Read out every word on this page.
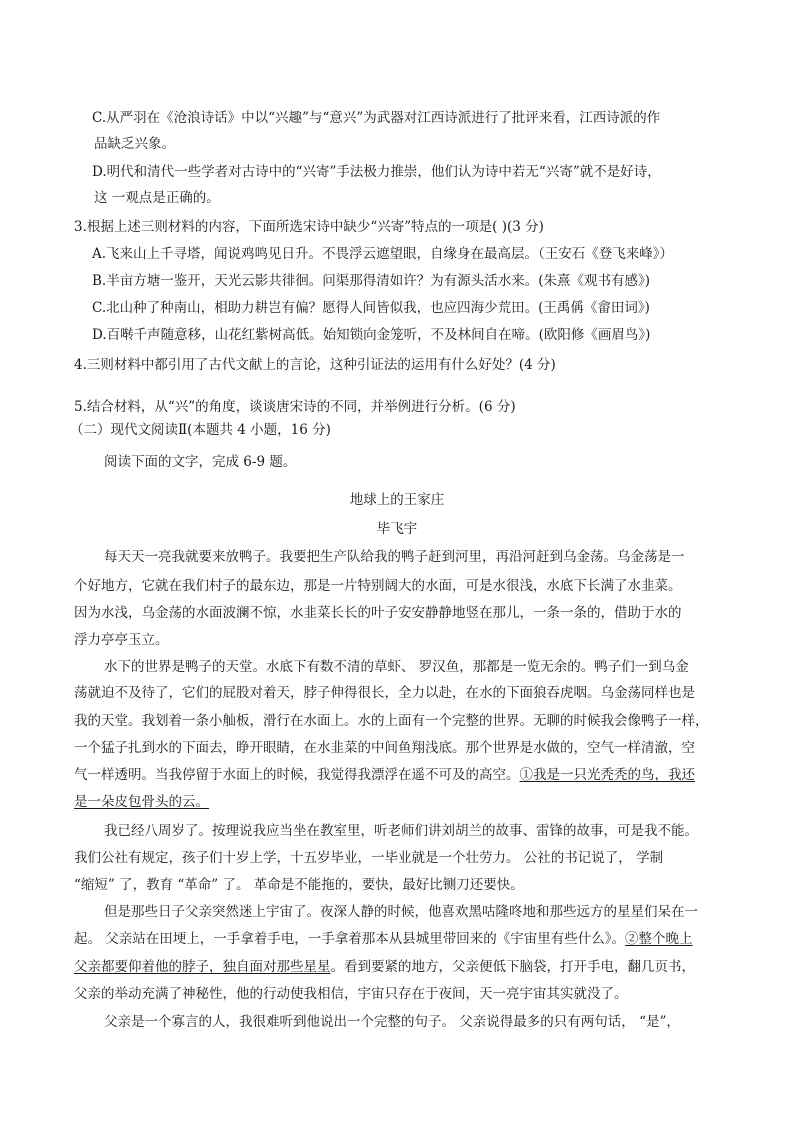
C.从严羽在《沧浪诗话》中以“兴趣”与“意兴”为武器对江西诗派进行了批评来看，江西诗派的作
品缺乏兴象。
D.明代和清代一些学者对古诗中的“兴寄”手法极力推崇，他们认为诗中若无“兴寄”就不是好诗，
这 一观点是正确的。
3.根据上述三则材料的内容，下面所选宋诗中缺少“兴寄”特点的一项是( )(3 分)
A.飞来山上千寻塔，闻说鸡鸣见日升。不畏浮云遮望眼，自缘身在最高层。（王安石《登飞来峰》）
B.半亩方塘一鉴开，天光云影共徘徊。问渠那得清如许？为有源头活水来。(朱熹《观书有感》)
C.北山种了种南山，相助力耕岂有偏？愿得人间皆似我，也应四海少荒田。(王禹偁《畲田词》)
D.百啭千声随意移，山花红紫树高低。始知锁向金笼听，不及林间自在啼。(欧阳修《画眉鸟》)
4.三则材料中都引用了古代文献上的言论，这种引证法的运用有什么好处？(4 分)
5.结合材料，从“兴”的角度，谈谈唐宋诗的不同，并举例进行分析。(6 分)
（二）现代文阅读Ⅱ(本题共 4 小题，16 分)
阅读下面的文字，完成 6-9 题。
地球上的王家庄
毕飞宇
每天天一亮我就要来放鸭子。我要把生产队给我的鸭子赶到河里，再沿河赶到乌金荡。乌金荡是一
个好地方，它就在我们村子的最东边，那是一片特别阔大的水面，可是水很浅，水底下长满了水韭菜。
因为水浅，乌金荡的水面波澜不惊，水韭菜长长的叶子安安静静地竖在那儿，一条一条的，借助于水的
浮力亭亭玉立。
水下的世界是鸭子的天堂。水底下有数不清的草虾、 罗汉鱼，那都是一览无余的。鸭子们一到乌金
荡就迫不及待了，它们的屁股对着天，脖子伸得很长，全力以赴，在水的下面狼吞虎咽。乌金荡同样也是
我的天堂。我划着一条小舢板，滑行在水面上。水的上面有一个完整的世界。无聊的时候我会像鸭子一样，
一个猛子扎到水的下面去，睁开眼睛，在水韭菜的中间鱼翔浅底。那个世界是水做的，空气一样清澈，空
气一样透明。当我停留于水面上的时候，我觉得我漂浮在遥不可及的高空。①我是一只光秃秃的鸟，我还
是一朵皮包骨头的云。
我已经八周岁了。按理说我应当坐在教室里，听老师们讲刘胡兰的故事、雷锋的故事，可是我不能。
我们公社有规定，孩子们十岁上学，十五岁毕业，一毕业就是一个壮劳力。 公社的书记说了， 学制
“缩短” 了，教育 “革命” 了。 革命是不能拖的，要快，最好比铡刀还要快。
但是那些日子父亲突然迷上宇宙了。夜深人静的时候，他喜欢黑咕隆咚地和那些远方的星星们呆在一
起。 父亲站在田埂上，一手拿着手电，一手拿着那本从县城里带回来的《宇宙里有些什么》。②整个晚上
父亲都要仰着他的脖子，独自面对那些星星。看到要紧的地方，父亲便低下脑袋，打开手电，翻几页书，
父亲的举动充满了神秘性，他的行动使我相信，宇宙只存在于夜间，天一亮宇宙其实就没了。
父亲是一个寡言的人，我很难听到他说出一个完整的句子。 父亲说得最多的只有两句话， “是”，
